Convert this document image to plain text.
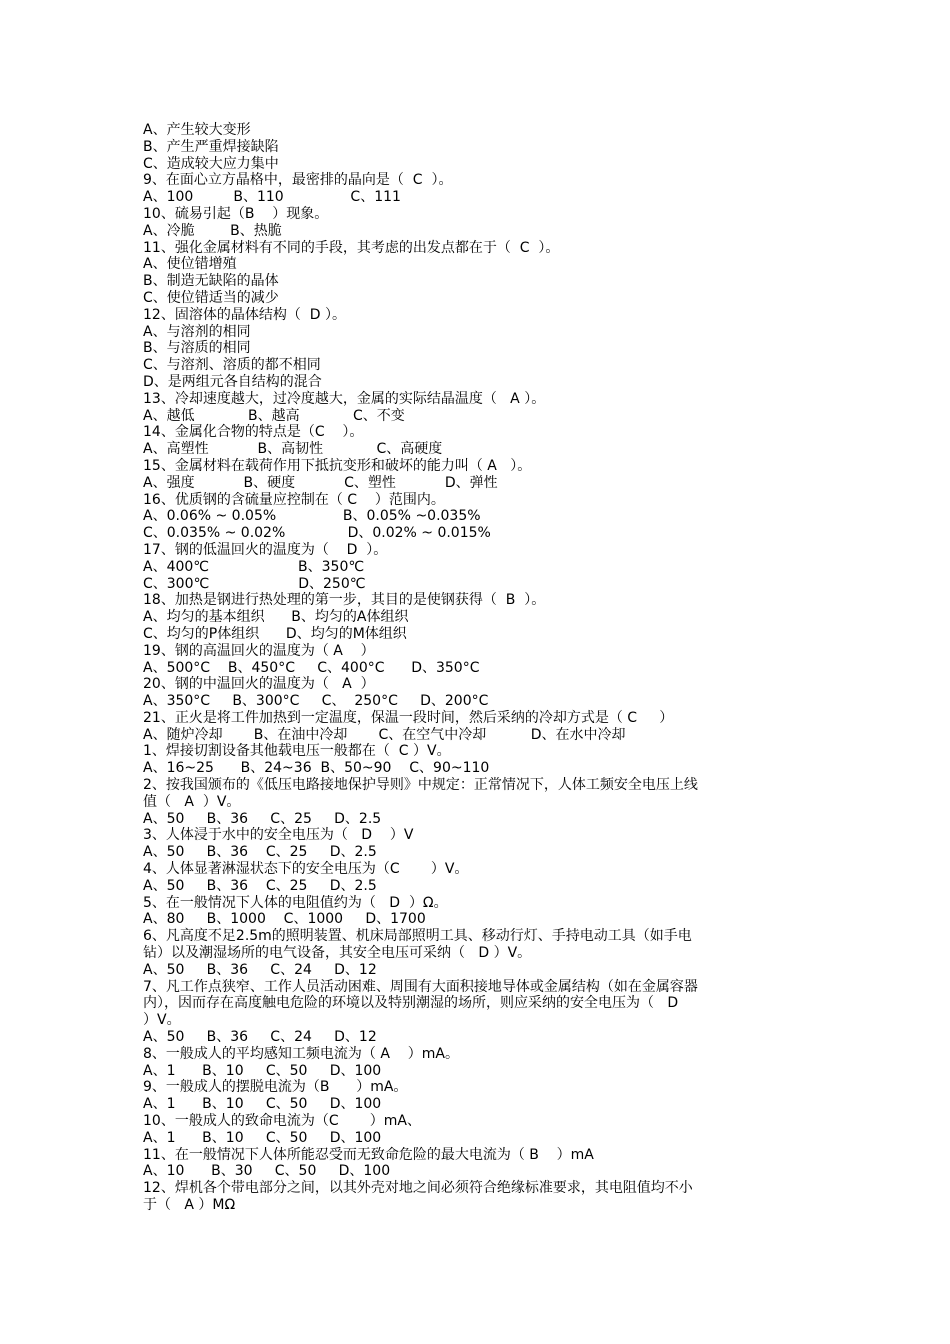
A、产生较大变形
B、产生严重焊接缺陷
C、造成较大应力集中
9、在面心立方晶格中，最密排的晶向是（  C  ）。
A、100         B、110               C、111
10、硫易引起（B    ）现象。
A、冷脆        B、热脆
11、强化金属材料有不同的手段，其考虑的出发点都在于（  C  ）。
A、使位错增殖
B、制造无缺陷的晶体
C、使位错适当的减少
12、固溶体的晶体结构（  D ）。
A、与溶剂的相同
B、与溶质的相同
C、与溶剂、溶质的都不相同
D、是两组元各自结构的混合
13、冷却速度越大，过冷度越大，金属的实际结晶温度（   A ）。
A、越低            B、越高            C、不变
14、金属化合物的特点是（C    ）。
A、高塑性           B、高韧性            C、高硬度
15、金属材料在载荷作用下抵抗变形和破坏的能力叫（ A   ）。
A、强度           B、硬度           C、塑性           D、弹性
16、优质钢的含硫量应控制在（ C    ）范围内。
A、0.06% ~ 0.05%               B、0.05% ~0.035%
C、0.035% ~ 0.02%              D、0.02% ~ 0.015%
17、钢的低温回火的温度为（    D  ）。
A、400℃                    B、350℃
C、300℃                    D、250℃
18、加热是钢进行热处理的第一步，其目的是使钢获得（  B  ）。
A、均匀的基本组织      B、均匀的A体组织
C、均匀的P体组织      D、均匀的M体组织
19、钢的高温回火的温度为（ A    ）
A、500°C    B、450°C     C、400°C      D、350°C
20、钢的中温回火的温度为（   A  ）
A、350°C     B、300°C     C、  250°C     D、200°C
21、正火是将工件加热到一定温度，保温一段时间，然后采纳的冷却方式是（ C     ）
A、随炉冷却       B、在油中冷却       C、在空气中冷却          D、在水中冷却
1、焊接切割设备其他载电压一般都在（  C ）V。
A、16~25      B、24~36  B、50~90    C、90~110
2、按我国颁布的《低压电路接地保护导则》中规定：正常情况下，人体工频安全电压上线
值（   A  ）V。
A、50     B、36     C、25     D、2.5
3、人体浸于水中的安全电压为（   D    ）V
A、50     B、36    C、25     D、2.5
4、人体显著淋湿状态下的安全电压为（C       ）V。
A、50     B、36    C、25     D、2.5
5、在一般情况下人体的电阻值约为（   D  ）Ω。
A、80     B、1000    C、1000     D、1700
6、凡高度不足2.5m的照明装置、机床局部照明工具、移动行灯、手持电动工具（如手电
钻）以及潮湿场所的电气设备，其安全电压可采纳（   D ）V。
A、50     B、36     C、24     D、12
7、凡工作点狭窄、工作人员活动困难、周围有大面积接地导体或金属结构（如在金属容器
内），因而存在高度触电危险的环境以及特别潮湿的场所，则应采纳的安全电压为（   D
）V。
A、50     B、36     C、24     D、12
8、一般成人的平均感知工频电流为（ A    ）mA。
A、1      B、10     C、50     D、100
9、一般成人的摆脱电流为（B      ）mA。
A、1      B、10     C、50     D、100
10、一般成人的致命电流为（C       ）mA、
A、1      B、10     C、50     D、100
11、在一般情况下人体所能忍受而无致命危险的最大电流为（ B    ）mA
A、10      B、30     C、50     D、100
12、焊机各个带电部分之间，以其外壳对地之间必须符合绝缘标准要求，其电阻值均不小
于（   A ）MΩ
